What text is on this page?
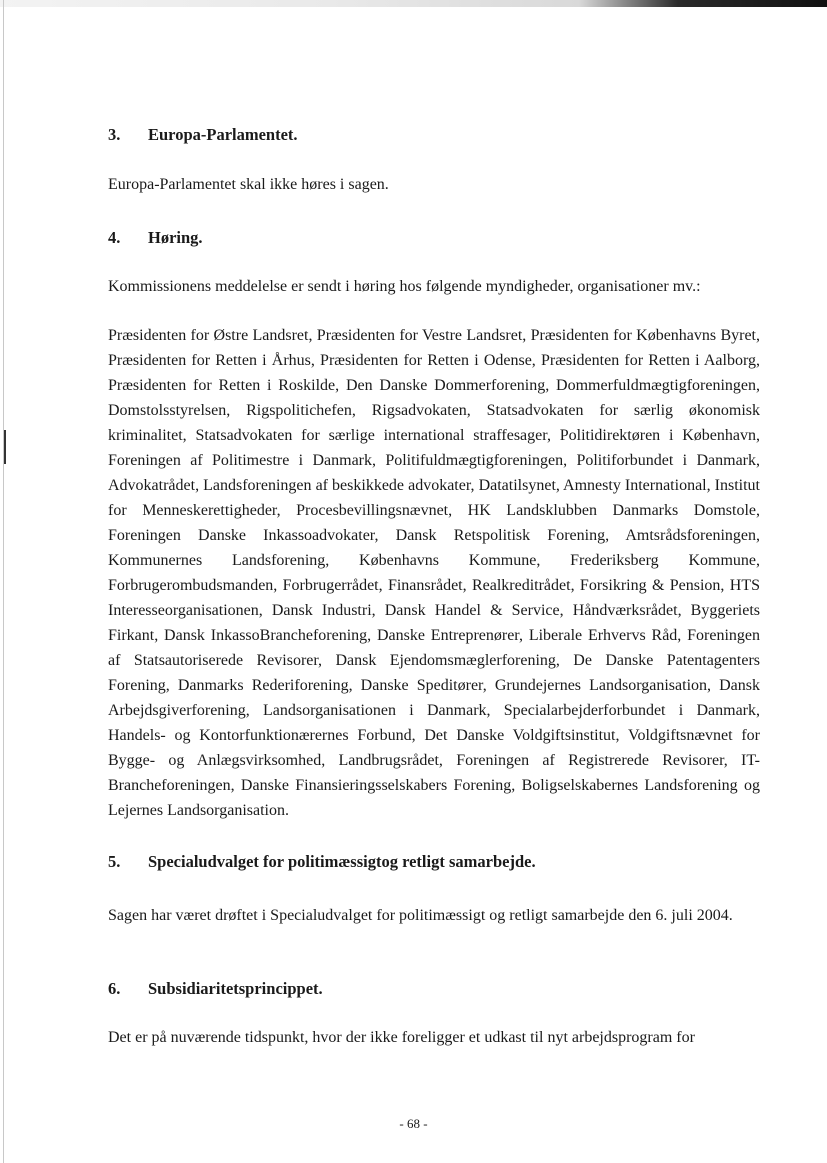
3. Europa-Parlamentet.
Europa-Parlamentet skal ikke høres i sagen.
4. Høring.
Kommissionens meddelelse er sendt i høring hos følgende myndigheder, organisationer mv.:
Præsidenten for Østre Landsret, Præsidenten for Vestre Landsret, Præsidenten for Københavns Byret, Præsidenten for Retten i Århus, Præsidenten for Retten i Odense, Præsidenten for Retten i Aalborg, Præsidenten for Retten i Roskilde, Den Danske Dommerforening, Dommerfuldmægtigforeningen, Domstolsstyrelsen, Rigspolitichefen, Rigsadvokaten, Statsadvokaten for særlig økonomisk kriminalitet, Statsadvokaten for særlige international straffesager, Politidirektøren i København, Foreningen af Politimestre i Danmark, Politifuldmægtigforeningen, Politiforbundet i Danmark, Advokatrådet, Landsforeningen af beskikkede advokater, Datatilsynet, Amnesty International, Institut for Menneskerettigheder, Procesbevillingsnævnet, HK Landsklubben Danmarks Domstole, Foreningen Danske Inkassoadvokater, Dansk Retspolitisk Forening, Amtsrådsforeningen, Kommunernes Landsforening, Københavns Kommune, Frederiksberg Kommune, Forbrugerombudsmanden, Forbrugerrådet, Finansrådet, Realkreditrådet, Forsikring & Pension, HTS Interesseorganisationen, Dansk Industri, Dansk Handel & Service, Håndværksrådet, Byggeriets Firkant, Dansk InkassoBrancheforening, Danske Entreprenører, Liberale Erhvervs Råd, Foreningen af Statsautoriserede Revisorer, Dansk Ejendomsmæglerforening, De Danske Patentagenters Forening, Danmarks Rederiforening, Danske Speditører, Grundejernes Landsorganisation, Dansk Arbejdsgiverforening, Landsorganisationen i Danmark, Specialarbejderforbundet i Danmark, Handels- og Kontorfunktionærernes Forbund, Det Danske Voldgiftsinstitut, Voldgiftsnævnet for Bygge- og Anlægsvirksomhed, Landbrugsrådet, Foreningen af Registrerede Revisorer, IT-Brancheforeningen, Danske Finansieringsselskabers Forening, Boligselskabernes Landsforening og Lejernes Landsorganisation.
5. Specialudvalget for politimæssigtog retligt samarbejde.
Sagen har været drøftet i Specialudvalget for politimæssigt og retligt samarbejde den 6. juli 2004.
6. Subsidiaritetsprincippet.
Det er på nuværende tidspunkt, hvor der ikke foreligger et udkast til nyt arbejdsprogram for
- 68 -
